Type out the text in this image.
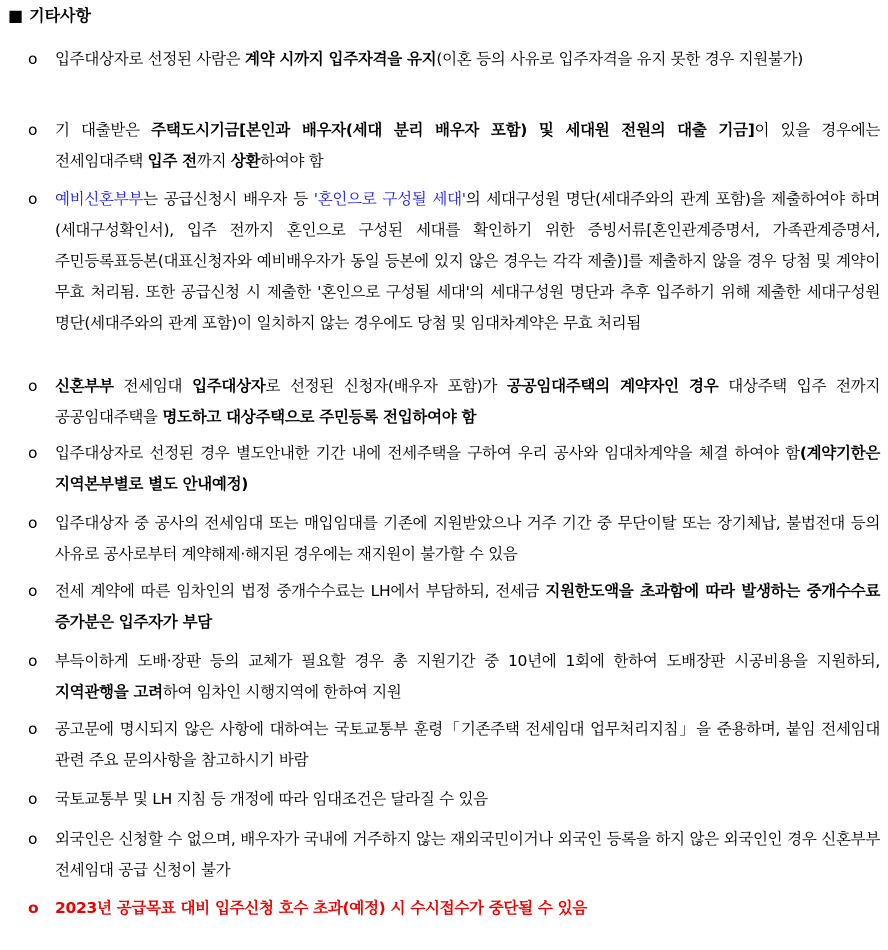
■ 기타사항
o	입주대상자로 선정된 사람은 계약 시까지 입주자격을 유지(이혼 등의 사유로 입주자격을 유지 못한 경우 지원불가)
o	기 대출받은 주택도시기금[본인과 배우자(세대 분리 배우자 포함) 및 세대원 전원의 대출 기금]이 있을 경우에는 전세임대주택 입주 전까지 상환하여야 함
o	예비신혼부부는 공급신청시 배우자 등 '혼인으로 구성될 세대'의 세대구성원 명단(세대주와의 관계 포함)을 제출하여야 하며(세대구성확인서), 입주 전까지 혼인으로 구성된 세대를 확인하기 위한 증빙서류[혼인관계증명서, 가족관계증명서, 주민등록표등본(대표신청자와 예비배우자가 동일 등본에 있지 않은 경우는 각각 제출)]를 제출하지 않을 경우 당첨 및 계약이 무효 처리됨. 또한 공급신청 시 제출한 '혼인으로 구성될 세대'의 세대구성원 명단과 추후 입주하기 위해 제출한 세대구성원 명단(세대주와의 관계 포함)이 일치하지 않는 경우에도 당첨 및 임대차계약은 무효 처리됨
o	신혼부부 전세임대 입주대상자로 선정된 신청자(배우자 포함)가 공공임대주택의 계약자인 경우 대상주택 입주 전까지 공공임대주택을 명도하고 대상주택으로 주민등록 전입하여야 함
o	입주대상자로 선정된 경우 별도안내한 기간 내에 전세주택을 구하여 우리 공사와 임대차계약을 체결 하여야 함(계약기한은 지역본부별로 별도 안내예정)
o	입주대상자 중 공사의 전세임대 또는 매입임대를 기존에 지원받았으나 거주 기간 중 무단이탈 또는 장기체납, 불법전대 등의 사유로 공사로부터 계약해제·해지된 경우에는 재지원이 불가할 수 있음
o	전세 계약에 따른 임차인의 법정 중개수수료는 LH에서 부담하되, 전세금 지원한도액을 초과함에 따라 발생하는 중개수수료 증가분은 입주자가 부담
o	부득이하게 도배·장판 등의 교체가 필요할 경우 총 지원기간 중 10년에 1회에 한하여 도배장판 시공비용을 지원하되, 지역관행을 고려하여 임차인 시행지역에 한하여 지원
o	공고문에 명시되지 않은 사항에 대하여는 국토교통부 훈령「기존주택 전세임대 업무처리지침」을 준용하며, 붙임 전세임대 관련 주요 문의사항을 참고하시기 바람
o	국토교통부 및 LH 지침 등 개정에 따라 임대조건은 달라질 수 있음
o	외국인은 신청할 수 없으며, 배우자가 국내에 거주하지 않는 재외국민이거나 외국인 등록을 하지 않은 외국인인 경우 신혼부부 전세임대 공급 신청이 불가
o	2023년 공급목표 대비 입주신청 호수 초과(예정) 시 수시접수가 중단될 수 있음
